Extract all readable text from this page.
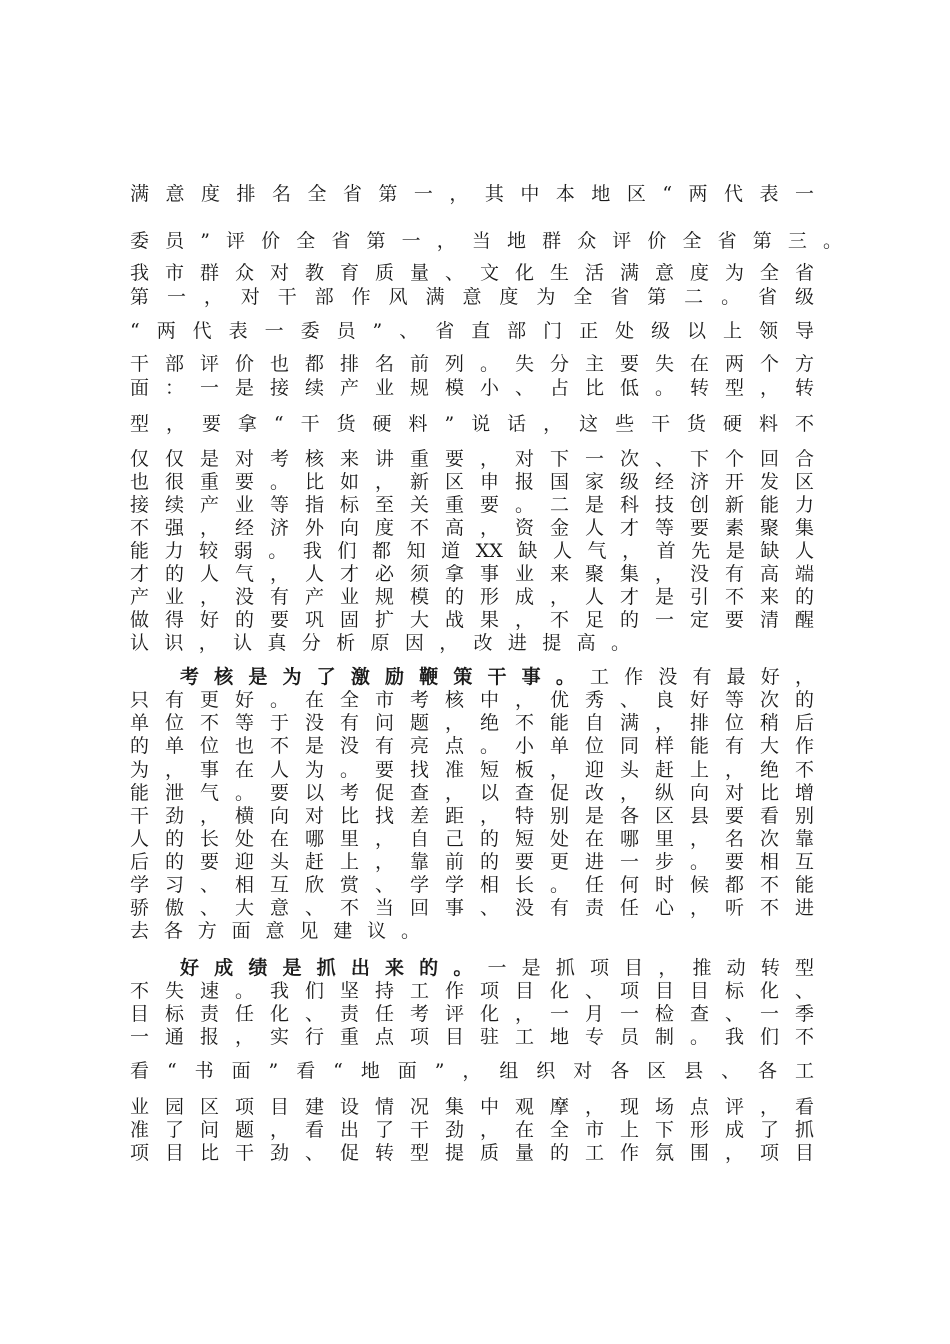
满意度排名全省第一，其中本地区“两代表一
委员”评价全省第一，当地群众评价全省第三。
我市群众对教育质量、文化生活满意度为全省
第一，对干部作风满意度为全省第二。省级
“两代表一委员”、省直部门正处级以上领导
干部评价也都排名前列。失分主要失在两个方
面：一是接续产业规模小、占比低。转型，转
型，要拿“干货硬料”说话，这些干货硬料不
仅仅是对考核来讲重要，对下一次、下个回合
也很重要。比如，新区申报国家级经济开发区
接续产业等指标至关重要。二是科技创新能力
不强，经济外向度不高，资金人才等要素聚集
能力较弱。我们都知道XX缺人气，首先是缺人
才的人气，人才必须拿事业来聚集，没有高端
产业，没有产业规模的形成，人才是引不来的
做得好的要巩固扩大战果，不足的一定要清醒
认识，认真分析原因，改进提高。
考核是为了激励鞭策干事。工作没有最好，
只有更好。在全市考核中，优秀、良好等次的
单位不等于没有问题，绝不能自满，排位稍后
的单位也不是没有亮点。小单位同样能有大作
为，事在人为。要找准短板，迎头赶上，绝不
能泄气。要以考促查，以查促改，纵向对比增
干劲，横向对比找差距，特别是各区县要看别
人的长处在哪里，自己的短处在哪里，名次靠
后的要迎头赶上，靠前的要更进一步。要相互
学习、相互欣赏、学学相长。任何时候都不能
骄傲、大意、不当回事、没有责任心，听不进
去各方面意见建议。
好成绩是抓出来的。一是抓项目，推动转型
不失速。我们坚持工作项目化、项目目标化、
目标责任化、责任考评化，一月一检查、一季
一通报，实行重点项目驻工地专员制。我们不
看“书面”看“地面”，组织对各区县、各工
业园区项目建设情况集中观摩，现场点评，看
准了问题，看出了干劲，在全市上下形成了抓
项目比干劲、促转型提质量的工作氛围，项目
